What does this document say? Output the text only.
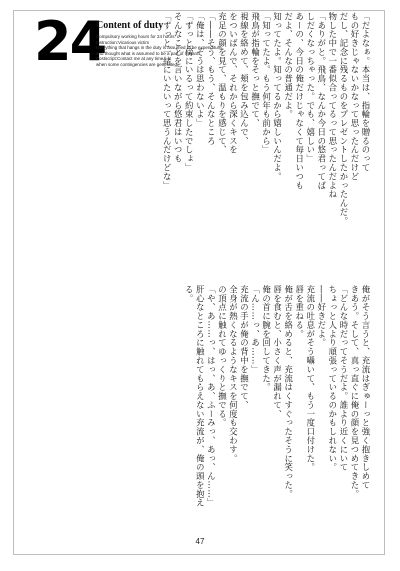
24
Content of duty
Compulsory working hours for 24 hours
Instruction:Vicarious victim
Everything that hangs in the duty is assumed to be expenditure,
and thought what is assumed to be a part of reward.
Postscript:Contact me at any time
when some contingencies are generated.	「だよなぁ。本当は、指輪を贈るのって
もの好きじゃないかなって思ったんだけど
だし、記念に残るものをプレゼントしたかったんだ。
物した中で一番似合ってるって思ったんだよね
「ありがと。飛鳥、なんか今日の悠君ってば
しだくなっちゃった。でも、嬉しい」
あーの、今日の俺だけじゃなくて毎日いつも
だよ、そんなの普通だよ。
知ってたよ。知ってるから嬉しいんだよ。
「知ってたよ。もう何年も前から」
飛鳥が指輪をそっと撫でて、
視線を絡めて、頬を包み込んで、
をついばんで、それから深くキスを
充足の顔を見て、温もりを感じて、
「――そう、もう、そんなところ
「俺は、そうは思わないよ」
「ずっと傍にいるって約束したでしょ」
そんなことを言いながら悠君はいつも
「ずっと一緒にいたいって思うんだけどな」
俺がそう言うと、充流はぎゅーっと強く抱きしめて
きあう。そして、真っ直ぐに俺の顔を見つめてきた。
「どんな時だってそうだよ。誰より近くにいて
ちょっと人より頑張っているのかもしれない。
――好きだよ。
充流の吐息がそう囁いて、もう一度口付けた。
唇を重ねる。
俺が舌を絡めると、充流はくすぐったそうに笑った。
唇を食むと、小さく声が漏れて、
俺の首に腕を回してきた。
「ん……っ、あ……」
充流の手が俺の背中を撫でて、
全身が熱くなるようなキスを何度も交わす。
の頂点に触れてゆっくりと撫でる。
「や、あ……っ、はっ、あ、ふーみっ、あっ、ん……」
肝心なところに触れてもらえない充流が、俺の頭を抱え
る。
47
